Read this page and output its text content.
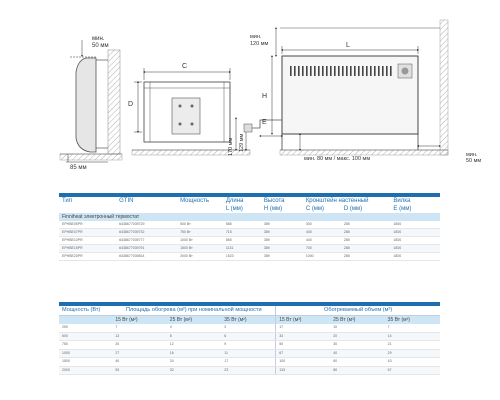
мин.
50 мм
85 мм
C
D
170 мм 129 мм
L
мин.
120 мм
H
E
мин. 80 мм / макс. 100 мм
мин.
50 мм
Тип	GTIN	Мощность	Длина	Высота	Кронштейн настенный		Вилка
			L (мм)	H (мм)	C (мм)	D (мм)	E (мм)
Finniheat электронный термостат							
EPHBE05PR	6438677039729	500 Вт	585	389	300	285	1800
EPHBE07PR	6438677039732	750 Вт	715	389	440	285	1800
EPHBE10PR	6438677039777	1000 Вт	855	389	440	285	1800
EPHBE15PR	6438677039791	1500 Вт	1131	389	700	285	1800
EPHBE20PR	6438677039814	2000 Вт	1523	389	1000	285	1800
Мощность (Вт)	Площадь обогрева (м²) при номинальной мощности			Обогреваемый объем (м³)		
	15 Вт (м²)	25 Вт (м²)	35 Вт (м²)	15 Вт (м³)	25 Вт (м³)	35 Вт (м³)
250	7	4	3	17	10	7
500	13	8	6	33	20	14
750	20	12	9	50	30	21
1000	27	16	11	67	40	29
1500	40	24	17	100	60	43
2000	53	32	23	133	80	57
